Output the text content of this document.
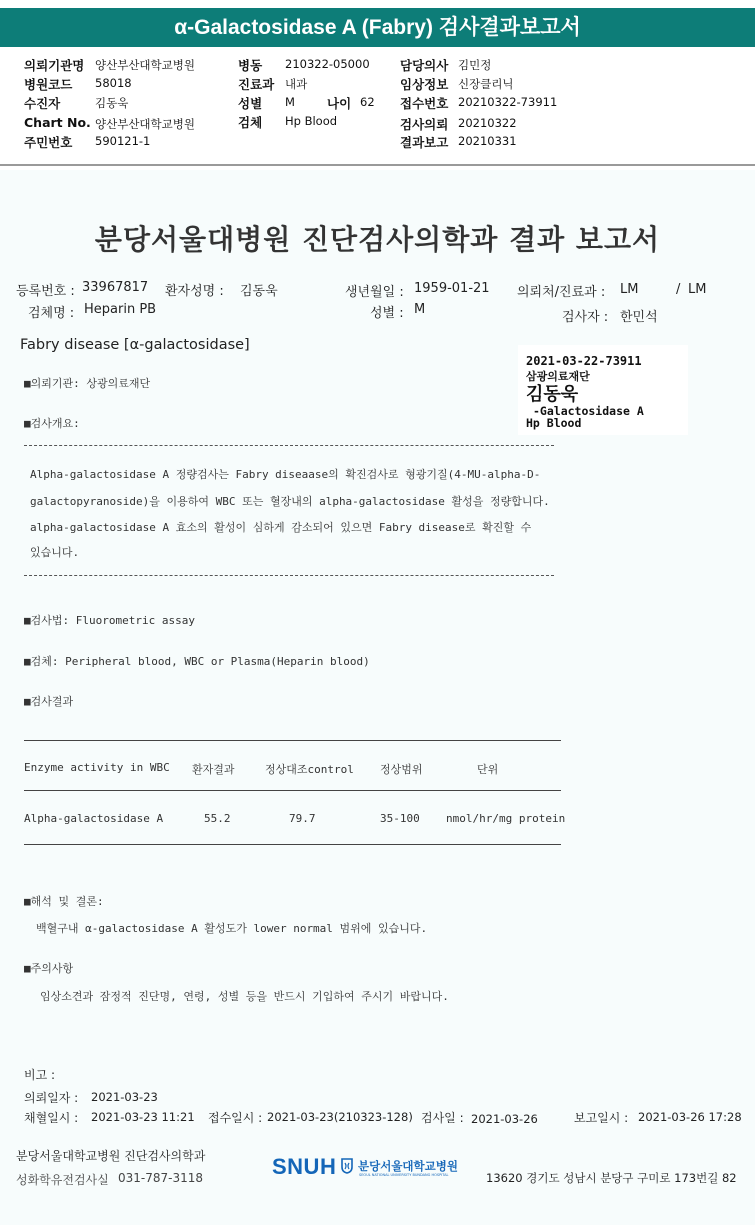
α-Galactosidase A (Fabry) 검사결과보고서
의뢰기관명 양산부산대학교병원
병원코드 58018
수진자	김동욱
Chart No. 양산부산대학교병원
주민번호 590121-1
병동 210322-05000
진료과 내과
성별 M	나이 62
검체 Hp Blood
담당의사 김민정
임상정보 신장클리닉
접수번호 20210322-73911
검사의뢰 20210322
결과보고 20210331
분당서울대병원 진단검사의학과 결과 보고서
등록번호 : 33967817 환자성명 : 김동욱	생년월일 : 1959-01-21 의뢰처/진료과 : LM	/ LM
검체명 : Heparin PB	성별 : M
검사자 : 한민석
Fabry disease [α-galactosidase]
2021-03-22-73911
삼광의료재단
김동욱
-Galactosidase A
Hp Blood
■의뢰기관: 상광의료재단
■검사개요:
Alpha-galactosidase A 정량검사는 Fabry diseaase의 확진검사로 형광기질(4-MU-alpha-D-
galactopyranoside)을 이용하여 WBC 또는 혈장내의 alpha-galactosidase 활성을 정량합니다.
alpha-galactosidase A 효소의 활성이 심하게 감소되어 있으면 Fabry disease로 확진할 수
있습니다.
■검사법: Fluorometric assay
■검체: Peripheral blood, WBC or Plasma(Heparin blood)
■검사결과
Enzyme activity in WBC 환자결과	정상대조control 정상범위	단위
Alpha-galactosidase A	55.2	79.7	35-100 nmol/hr/mg protein
■해석 및 결론:
백혈구내 α-galactosidase A 활성도가 lower normal 범위에 있습니다.
■주의사항
임상소견과 잠정적 진단명, 연령, 성별 등을 반드시 기입하여 주시기 바랍니다.
비고 :
의뢰일자 : 2021-03-23
채혈일시 : 2021-03-23 11:21 접수일시 : 2021-03-23(210323-128) 검사일 : 2021-03-26	보고일시 : 2021-03-26 17:28
분당서울대학교병원 진단검사의학과
성화학유전검사실 031-787-3118	SNUH 분당서울대학교병원
SEOUL NATIONAL UNIVERSITY BUNDANG HOSPITAL	13620 경기도 성남시 분당구 구미로 173번길 82
